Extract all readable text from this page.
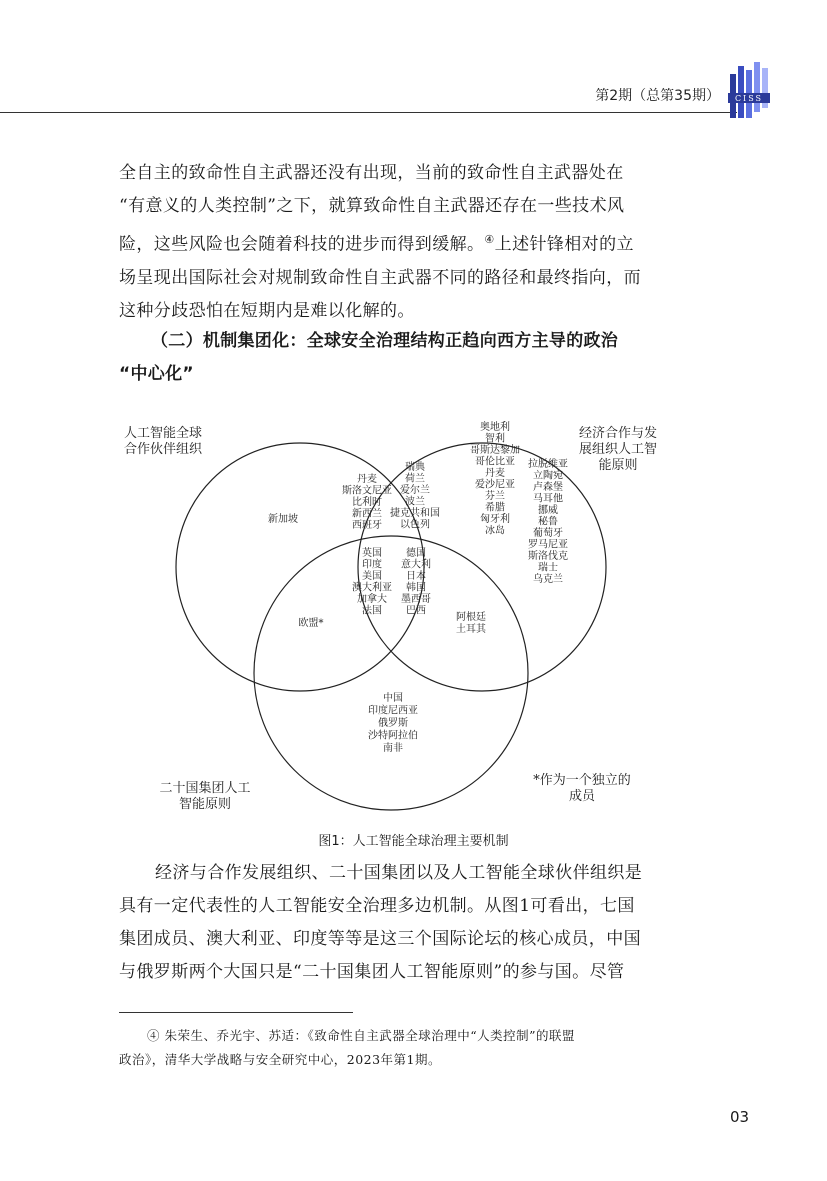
第2期（总第35期） CISS
全自主的致命性自主武器还没有出现，当前的致命性自主武器处在
“有意义的人类控制”之下，就算致命性自主武器还存在一些技术风
险，这些风险也会随着科技的进步而得到缓解。④上述针锋相对的立
场呈现出国际社会对规制致命性自主武器不同的路径和最终指向，而
这种分歧恐怕在短期内是难以化解的。
（二）机制集团化：全球安全治理结构正趋向西方主导的政治
“中心化”
新加坡
丹麦
斯洛文尼亚
比利时
新西兰
西班牙
瑞典
荷兰
爱尔兰
波兰
捷克共和国
以色列
奥地利
智利
哥斯达黎加
哥伦比亚
丹麦
爱沙尼亚
芬兰
希腊
匈牙利
冰岛
拉脱维亚
立陶宛
卢森堡
马耳他
挪威
秘鲁
葡萄牙
罗马尼亚
斯洛伐克
瑞士
乌克兰
英国
印度
美国
澳大利亚
加拿大
法国
德国
意大利
日本
韩国
墨西哥
巴西
欧盟*
阿根廷
土耳其
中国
印度尼西亚
俄罗斯
沙特阿拉伯
南非
人工智能全球
合作伙伴组织
经济合作与发
展组织人工智
能原则
二十国集团人工
智能原则
*作为一个独立的
成员
图1：人工智能全球治理主要机制
经济与合作发展组织、二十国集团以及人工智能全球伙伴组织是
具有一定代表性的人工智能安全治理多边机制。从图1可看出，七国
集团成员、澳大利亚、印度等等是这三个国际论坛的核心成员，中国
与俄罗斯两个大国只是“二十国集团人工智能原则”的参与国。尽管
④ 朱荣生、乔光宇、苏适：《致命性自主武器全球治理中“人类控制”的联盟
政治》，清华大学战略与安全研究中心，2023年第1期。
03
